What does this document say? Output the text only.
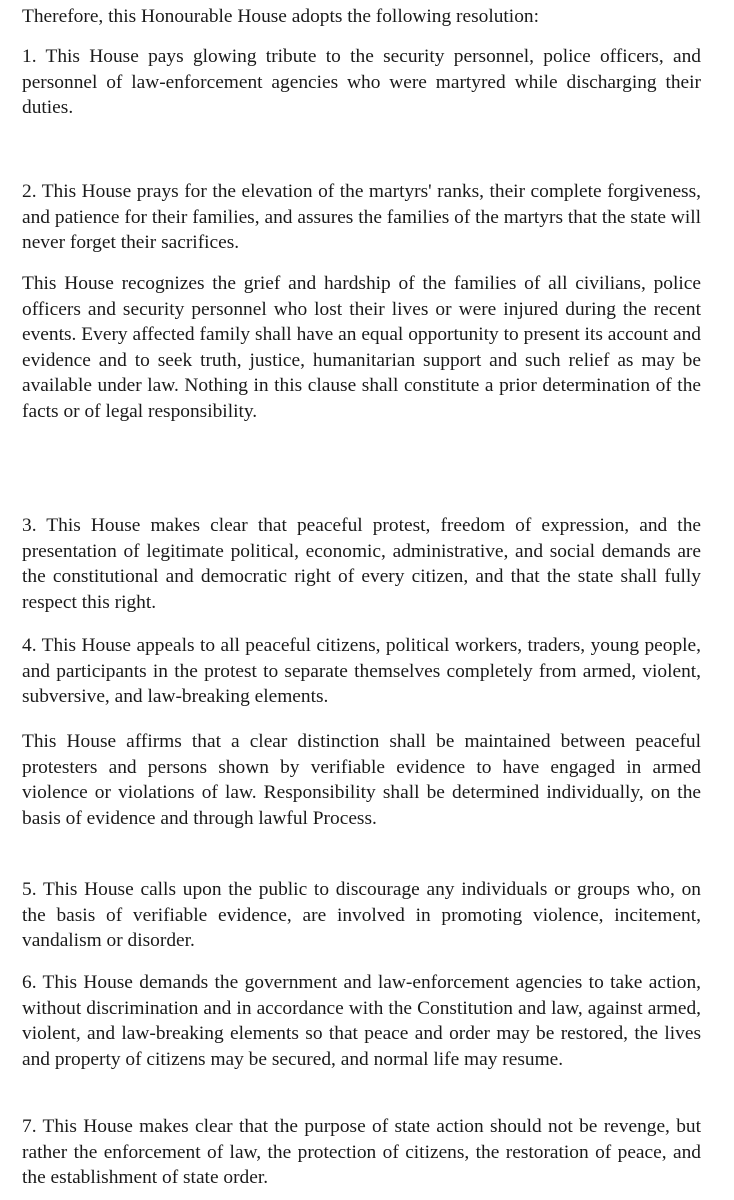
Therefore, this Honourable House adopts the following resolution:

1. This House pays glowing tribute to the security personnel, police officers, and personnel of law-enforcement agencies who were martyred while discharging their duties.

2. This House prays for the elevation of the martyrs' ranks, their complete forgiveness, and patience for their families, and assures the families of the martyrs that the state will never forget their sacrifices.

This House recognizes the grief and hardship of the families of all civilians, police officers and security personnel who lost their lives or were injured during the recent events. Every affected family shall have an equal opportunity to present its account and evidence and to seek truth, justice, humanitarian support and such relief as may be available under law. Nothing in this clause shall constitute a prior determination of the facts or of legal responsibility.

3. This House makes clear that peaceful protest, freedom of expression, and the presentation of legitimate political, economic, administrative, and social demands are the constitutional and democratic right of every citizen, and that the state shall fully respect this right.

4. This House appeals to all peaceful citizens, political workers, traders, young people, and participants in the protest to separate themselves completely from armed, violent, subversive, and law-breaking elements.

This House affirms that a clear distinction shall be maintained between peaceful protesters and persons shown by verifiable evidence to have engaged in armed violence or violations of law. Responsibility shall be determined individually, on the basis of evidence and through lawful Process.

5. This House calls upon the public to discourage any individuals or groups who, on the basis of verifiable evidence, are involved in promoting violence, incitement, vandalism or disorder.

6. This House demands the government and law-enforcement agencies to take action, without discrimination and in accordance with the Constitution and law, against armed, violent, and law-breaking elements so that peace and order may be restored, the lives and property of citizens may be secured, and normal life may resume.

7. This House makes clear that the purpose of state action should not be revenge, but rather the enforcement of law, the protection of citizens, the restoration of peace, and the establishment of state order.
